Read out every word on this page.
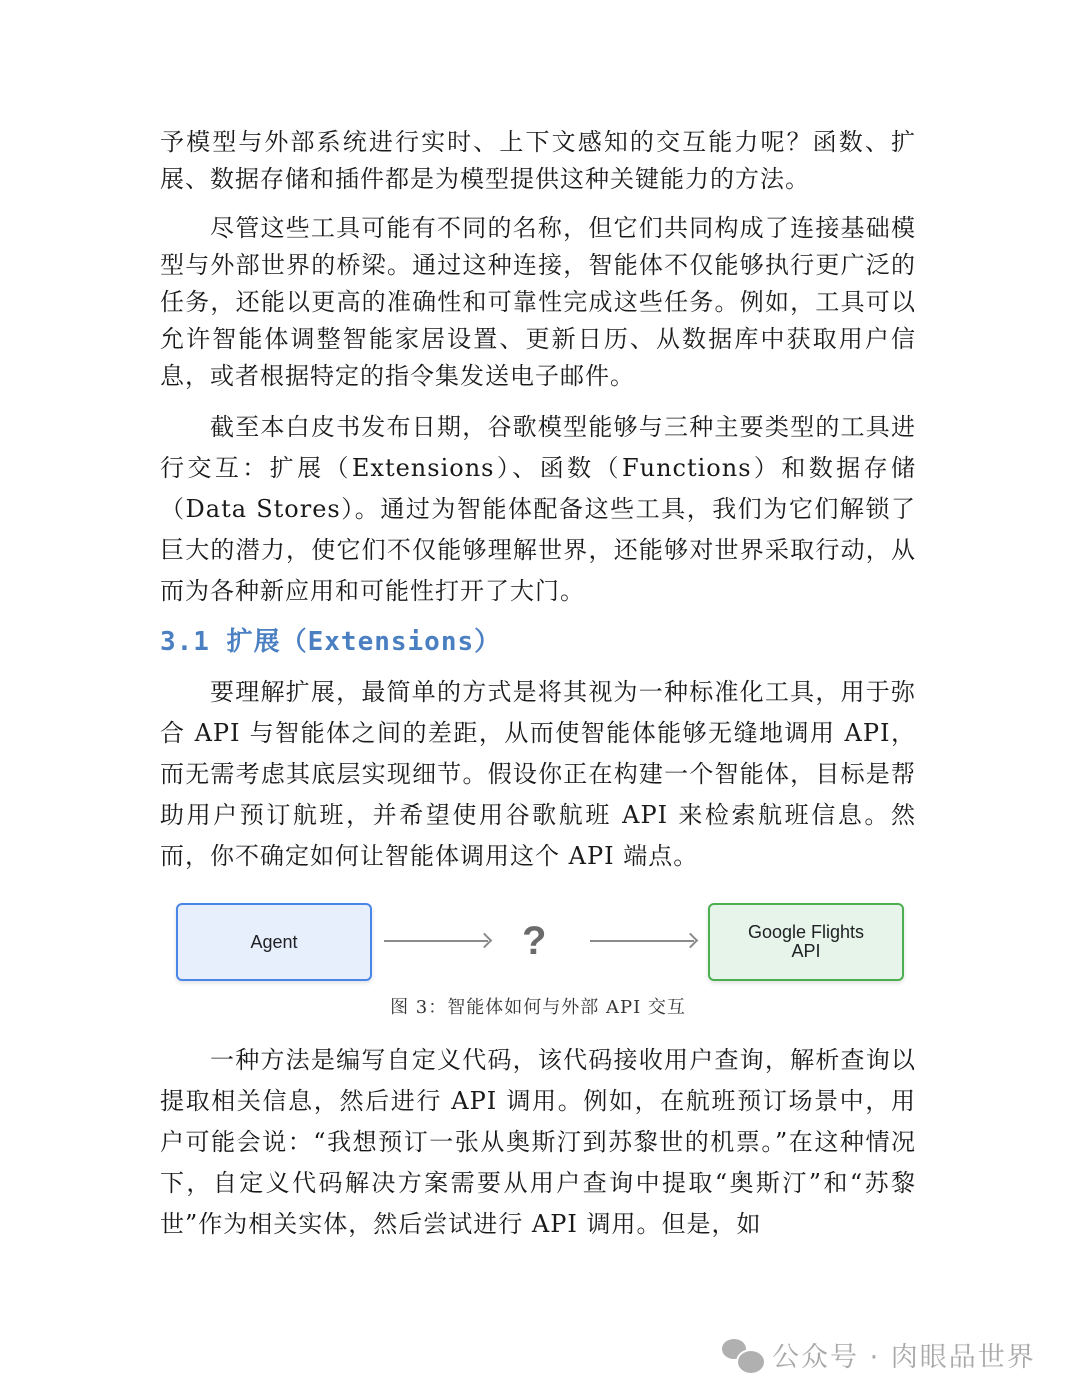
予模型与外部系统进行实时、上下文感知的交互能力呢？函数、扩展、数据存储和插件都是为模型提供这种关键能力的方法。

尽管这些工具可能有不同的名称，但它们共同构成了连接基础模型与外部世界的桥梁。通过这种连接，智能体不仅能够执行更广泛的任务，还能以更高的准确性和可靠性完成这些任务。例如，工具可以允许智能体调整智能家居设置、更新日历、从数据库中获取用户信息，或者根据特定的指令集发送电子邮件。

截至本白皮书发布日期，谷歌模型能够与三种主要类型的工具进行交互：扩展（Extensions）、函数（Functions）和数据存储（Data Stores）。通过为智能体配备这些工具，我们为它们解锁了巨大的潜力，使它们不仅能够理解世界，还能够对世界采取行动，从而为各种新应用和可能性打开了大门。

3.1 扩展（Extensions）

要理解扩展，最简单的方式是将其视为一种标准化工具，用于弥合 API 与智能体之间的差距，从而使智能体能够无缝地调用 API，而无需考虑其底层实现细节。假设你正在构建一个智能体，目标是帮助用户预订航班，并希望使用谷歌航班 API 来检索航班信息。然而，你不确定如何让智能体调用这个 API 端点。

Agent	?	Google Flights
API
图 3：智能体如何与外部 API 交互

一种方法是编写自定义代码，该代码接收用户查询，解析查询以提取相关信息，然后进行 API 调用。例如，在航班预订场景中，用户可能会说：“我想预订一张从奥斯汀到苏黎世的机票。”在这种情况下，自定义代码解决方案需要从用户查询中提取“奥斯汀”和“苏黎世”作为相关实体，然后尝试进行 API 调用。但是，如

公众号 · 肉眼品世界
